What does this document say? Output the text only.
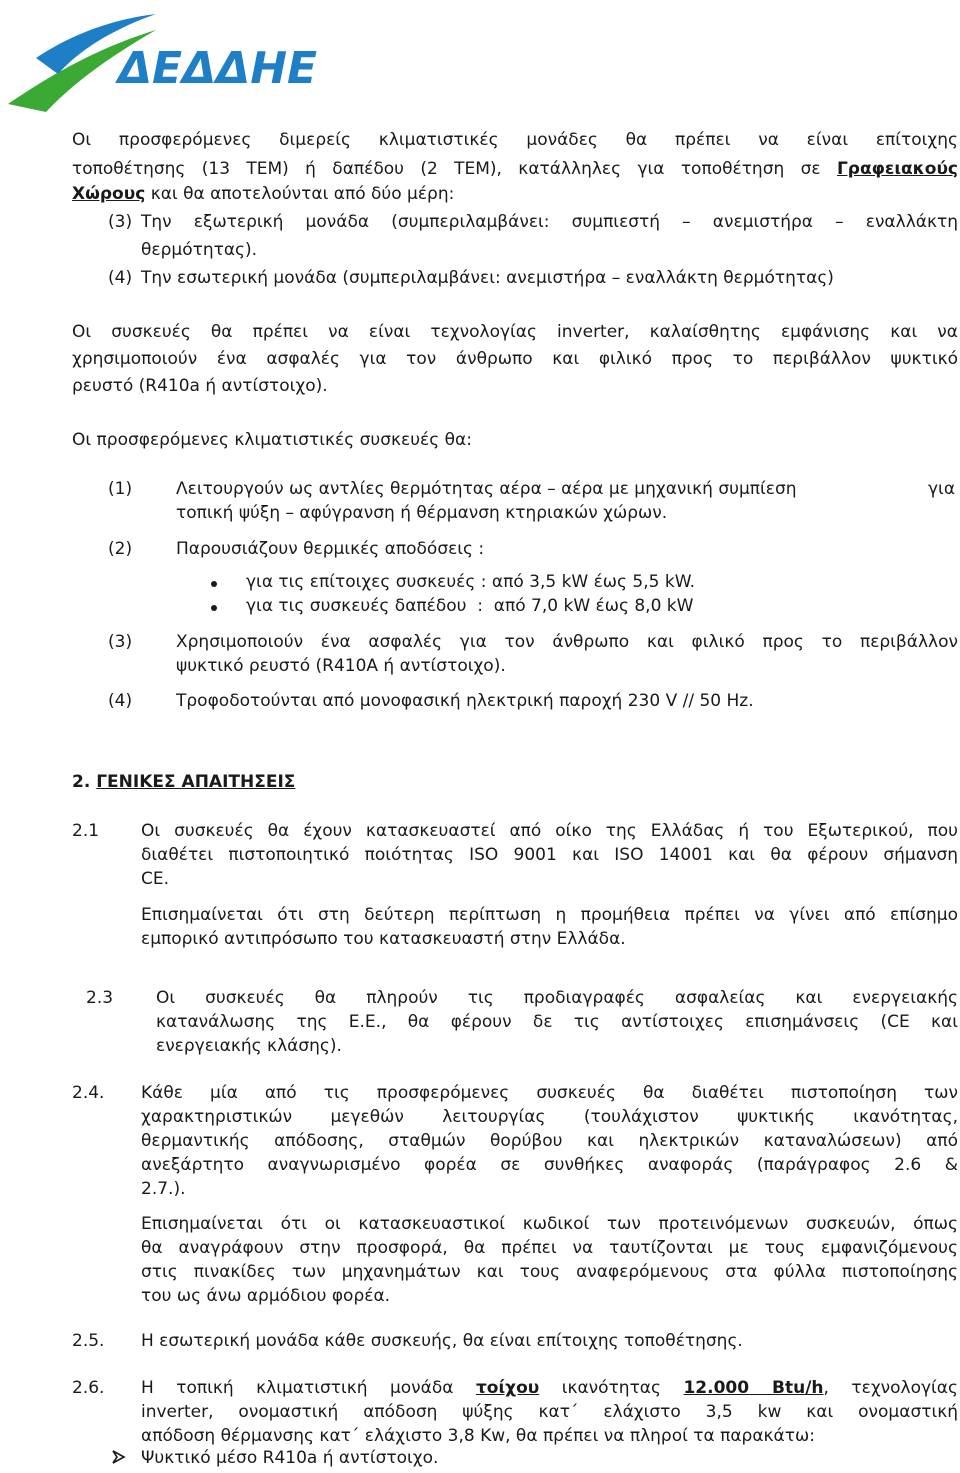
ΔΕΔΔΗΕ
Οι προσφερόμενες διμερείς κλιματιστικές μονάδες θα πρέπει να είναι επίτοιχης
τοποθέτησης (13 ΤΕΜ) ή δαπέδου (2 ΤΕΜ), κατάλληλες για τοποθέτηση σε Γραφειακούς
Χώρους και θα αποτελούνται από δύο μέρη:
(3) Την εξωτερική μονάδα (συμπεριλαμβάνει: συμπιεστή – ανεμιστήρα – εναλλάκτη
θερμότητας).
(4) Την εσωτερική μονάδα (συμπεριλαμβάνει: ανεμιστήρα – εναλλάκτη θερμότητας)
Οι συσκευές θα πρέπει να είναι τεχνολογίας inverter, καλαίσθητης εμφάνισης και να
χρησιμοποιούν ένα ασφαλές για τον άνθρωπο και φιλικό προς το περιβάλλον ψυκτικό
ρευστό (R410a ή αντίστοιχο).
Οι προσφερόμενες κλιματιστικές συσκευές θα:
(1)	Λειτουργούν ως αντλίες θερμότητας αέρα – αέρα με μηχανική συμπίεση	για
τοπική ψύξη – αφύγρανση ή θέρμανση κτηριακών χώρων.
(2)	Παρουσιάζουν θερμικές αποδόσεις :
για τις επίτοιχες συσκευές : από 3,5 kW έως 5,5 kW.
για τις συσκευές δαπέδου  :  από 7,0 kW έως 8,0 kW
(3)	Χρησιμοποιούν ένα ασφαλές για τον άνθρωπο και φιλικό προς το περιβάλλον
ψυκτικό ρευστό (R410A ή αντίστοιχο).
(4)	Τροφοδοτούνται από μονοφασική ηλεκτρική παροχή 230 V // 50 Hz.
2. ΓΕΝΙΚΕΣ ΑΠΑΙΤΗΣΕΙΣ
2.1	Οι συσκευές θα έχουν κατασκευαστεί από οίκο της Ελλάδας ή του Εξωτερικού, που
διαθέτει πιστοποιητικό ποιότητας ISO 9001 και ISO 14001 και θα φέρουν σήμανση
CE.
Επισημαίνεται ότι στη δεύτερη περίπτωση η προμήθεια πρέπει να γίνει από επίσημο
εμπορικό αντιπρόσωπο του κατασκευαστή στην Ελλάδα.
2.3	Οι συσκευές θα πληρούν τις προδιαγραφές ασφαλείας και ενεργειακής
κατανάλωσης της Ε.Ε., θα φέρουν δε τις αντίστοιχες επισημάνσεις (CE και
ενεργειακής κλάσης).
2.4.	Κάθε μία από τις προσφερόμενες συσκευές θα διαθέτει πιστοποίηση των
χαρακτηριστικών μεγεθών λειτουργίας (τουλάχιστον ψυκτικής ικανότητας,
θερμαντικής απόδοσης, σταθμών θορύβου και ηλεκτρικών καταναλώσεων) από
ανεξάρτητο αναγνωρισμένο φορέα σε συνθήκες αναφοράς (παράγραφος 2.6 &
2.7.).
Επισημαίνεται ότι οι κατασκευαστικοί κωδικοί των προτεινόμενων συσκευών, όπως
θα αναγράφουν στην προσφορά, θα πρέπει να ταυτίζονται με τους εμφανιζόμενους
στις πινακίδες των μηχανημάτων και τους αναφερόμενους στα φύλλα πιστοποίησης
του ως άνω αρμόδιου φορέα.
2.5.	Η εσωτερική μονάδα κάθε συσκευής, θα είναι επίτοιχης τοποθέτησης.
2.6.	Η τοπική κλιματιστική μονάδα τοίχου ικανότητας 12.000 Btu/h, τεχνολογίας
inverter, ονομαστική απόδοση ψύξης κατ΄ ελάχιστο 3,5 kw και ονομαστική
απόδοση θέρμανσης κατ΄ ελάχιστο 3,8 Kw, θα πρέπει να πληροί τα παρακάτω:
Ψυκτικό μέσο R410a ή αντίστοιχο.
